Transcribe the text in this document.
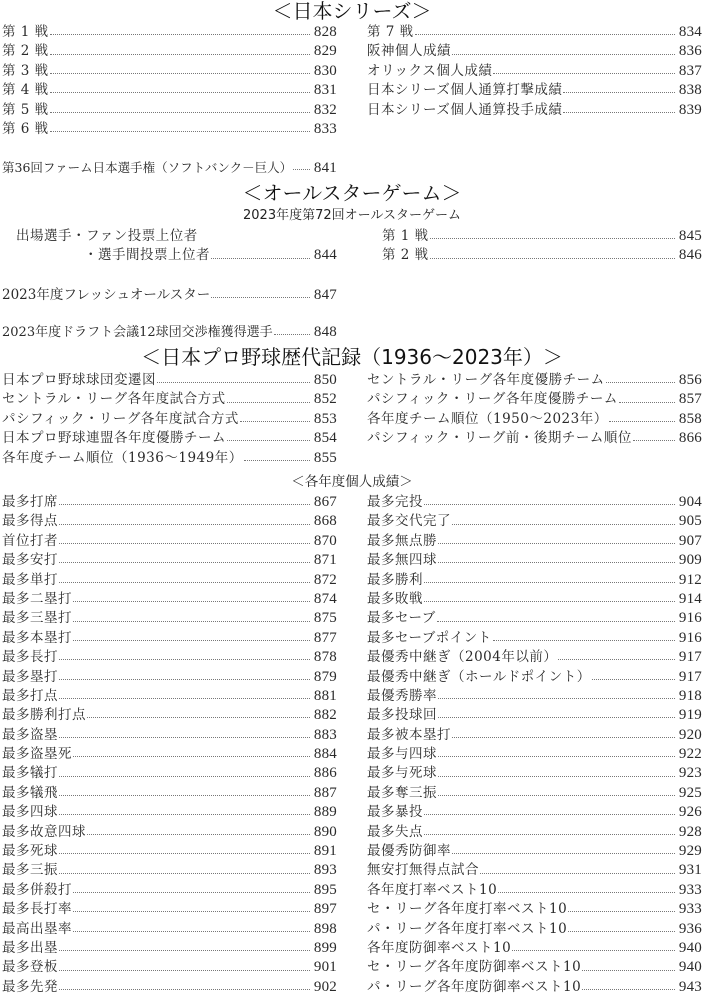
＜日本シリーズ＞
第 1 戦	828
第 2 戦	829
第 3 戦	830
第 4 戦	831
第 5 戦	832
第 6 戦	833
第 7 戦	834
阪神個人成績	836
オリックス個人成績	837
日本シリーズ個人通算打撃成績	838
日本シリーズ個人通算投手成績	839
第36回ファーム日本選手権（ソフトバンク－巨人） 841
＜オールスターゲーム＞
2023年度第72回オールスターゲーム
出場選手・ファン投票上位者
・選手間投票上位者	844
第 1 戦	845
第 2 戦	846
2023年度フレッシュオールスター	847
2023年度ドラフト会議12球団交渉権獲得選手	848
＜日本プロ野球歴代記録（1936～2023年）＞
日本プロ野球球団変遷図	850
セントラル・リーグ各年度試合方式	852
パシフィック・リーグ各年度試合方式	853
日本プロ野球連盟各年度優勝チーム	854
各年度チーム順位（1936～1949年）	855
セントラル・リーグ各年度優勝チーム	856
パシフィック・リーグ各年度優勝チーム	857
各年度チーム順位（1950～2023年）	858
パシフィック・リーグ前・後期チーム順位	866
＜各年度個人成績＞
最多打席	867
最多得点	868
首位打者	870
最多安打	871
最多単打	872
最多二塁打	874
最多三塁打	875
最多本塁打	877
最多長打	878
最多塁打	879
最多打点	881
最多勝利打点	882
最多盗塁	883
最多盗塁死	884
最多犠打	886
最多犠飛	887
最多四球	889
最多故意四球	890
最多死球	891
最多三振	893
最多併殺打	895
最多長打率	897
最高出塁率	898
最多出塁	899
最多登板	901
最多先発	902
最多完投	904
最多交代完了	905
最多無点勝	907
最多無四球	909
最多勝利	912
最多敗戦	914
最多セーブ	916
最多セーブポイント	916
最優秀中継ぎ（2004年以前）	917
最優秀中継ぎ（ホールドポイント）	917
最優秀勝率	918
最多投球回	919
最多被本塁打	920
最多与四球	922
最多与死球	923
最多奪三振	925
最多暴投	926
最多失点	928
最優秀防御率	929
無安打無得点試合	931
各年度打率ベスト10	933
セ・リーグ各年度打率ベスト10	933
パ・リーグ各年度打率ベスト10	936
各年度防御率ベスト10	940
セ・リーグ各年度防御率ベスト10	940
パ・リーグ各年度防御率ベスト10	943
